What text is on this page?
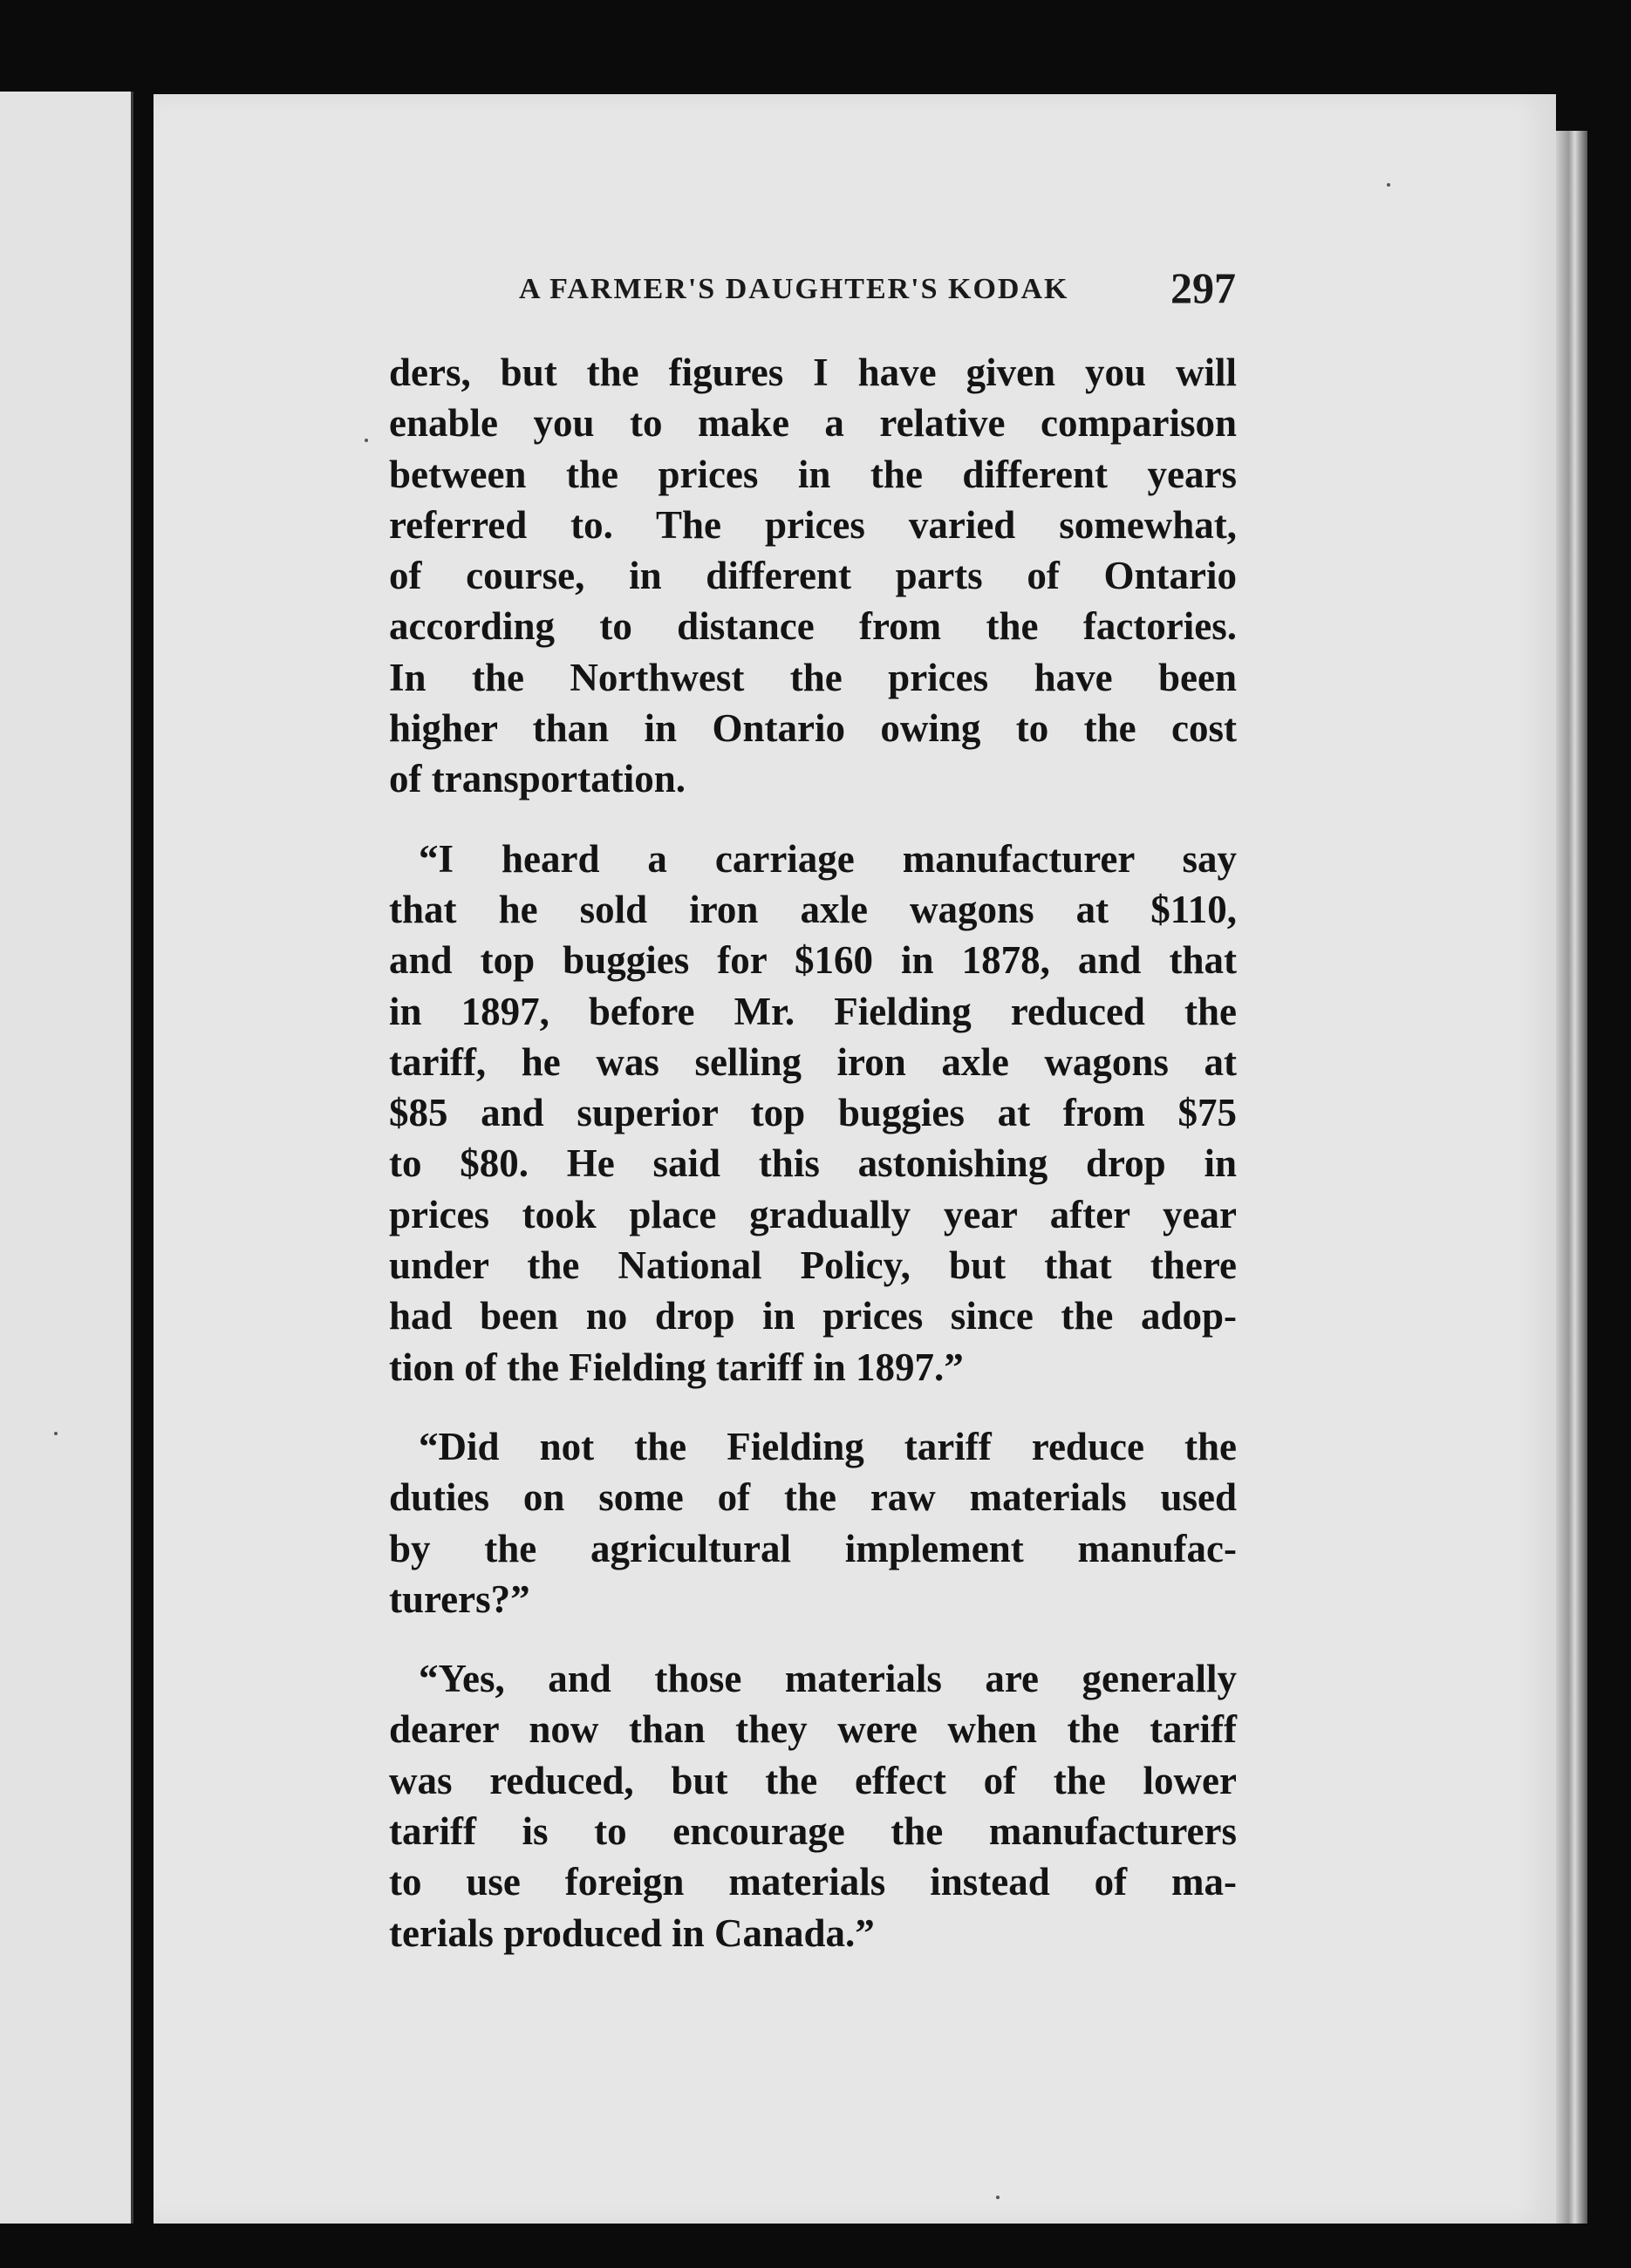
A FARMER'S DAUGHTER'S KODAK 297
ders, but the figures I have given you will
enable you to make a relative comparison
between the prices in the different years
referred to. The prices varied somewhat,
of course, in different parts of Ontario
according to distance from the factories.
In the Northwest the prices have been
higher than in Ontario owing to the cost
of transportation.
“I heard a carriage manufacturer say
that he sold iron axle wagons at $110,
and top buggies for $160 in 1878, and that
in 1897, before Mr. Fielding reduced the
tariff, he was selling iron axle wagons at
$85 and superior top buggies at from $75
to $80. He said this astonishing drop in
prices took place gradually year after year
under the National Policy, but that there
had been no drop in prices since the adop-
tion of the Fielding tariff in 1897.”
“Did not the Fielding tariff reduce the
duties on some of the raw materials used
by the agricultural implement manufac-
turers?”
“Yes, and those materials are generally
dearer now than they were when the tariff
was reduced, but the effect of the lower
tariff is to encourage the manufacturers
to use foreign materials instead of ma-
terials produced in Canada.”
